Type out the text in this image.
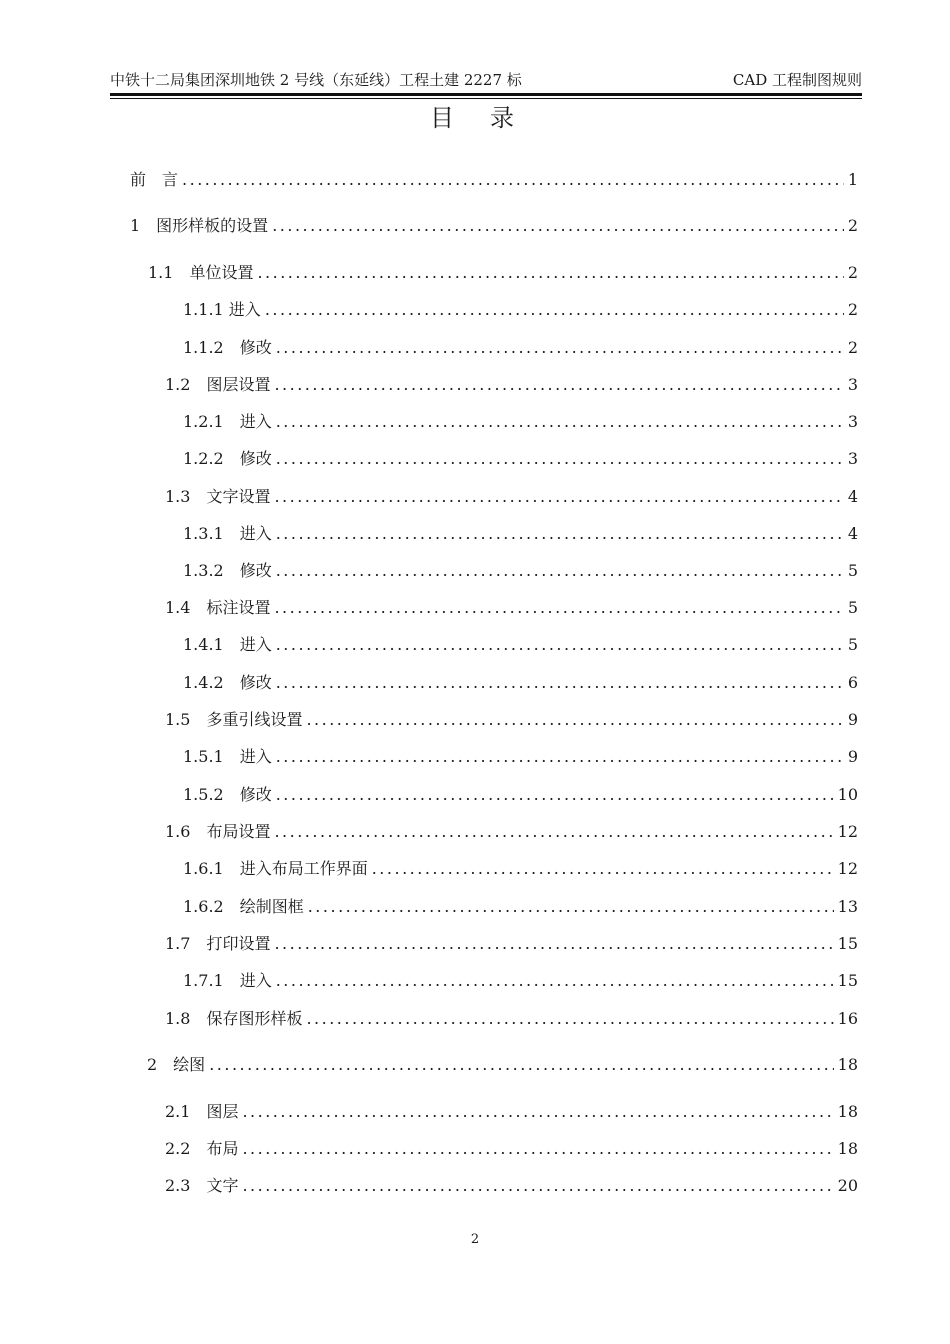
中铁十二局集团深圳地铁 2 号线（东延线）工程土建 2227 标	CAD 工程制图规则
目　录
前　言 .....	1
1　图形样板的设置 .....	2
1.1　单位设置 .....	2
1.1.1 进入 .....	2
1.1.2　修改 .....	2
1.2　图层设置 .....	3
1.2.1　进入 .....	3
1.2.2　修改 .....	3
1.3　文字设置 .....	4
1.3.1　进入 .....	4
1.3.2　修改 .....	5
1.4　标注设置 .....	5
1.4.1　进入 .....	5
1.4.2　修改 .....	6
1.5　多重引线设置 .....	9
1.5.1　进入 .....	9
1.5.2　修改 .....	10
1.6　布局设置 .....	12
1.6.1　进入布局工作界面 .....	12
1.6.2　绘制图框 .....	13
1.7　打印设置 .....	15
1.7.1　进入 .....	15
1.8　保存图形样板 .....	16
2　绘图 .....	18
2.1　图层 .....	18
2.2　布局 .....	18
2.3　文字 .....	20
2
